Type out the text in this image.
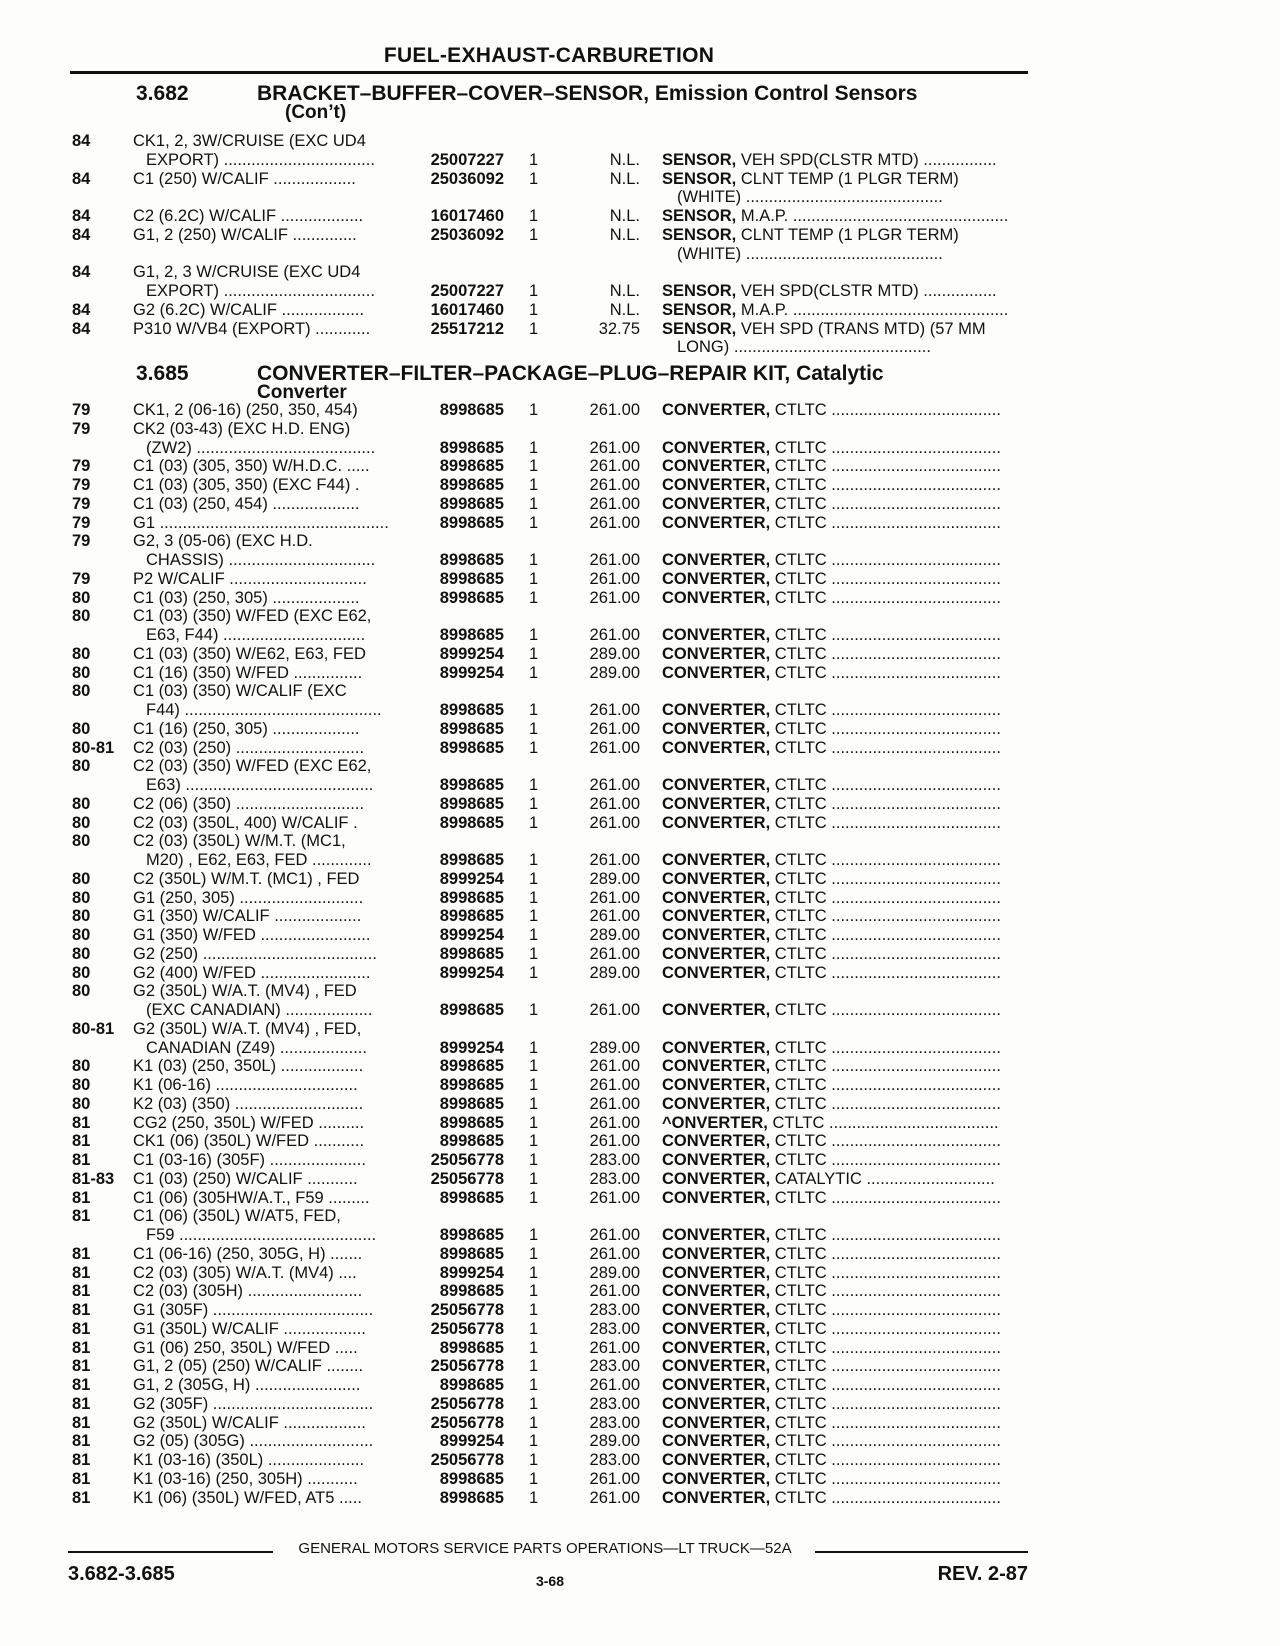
FUEL-EXHAUST-CARBURETION
3.682	BRACKET–BUFFER–COVER–SENSOR, Emission Control Sensors
(Con’t)
3.685	CONVERTER–FILTER–PACKAGE–PLUG–REPAIR KIT, Catalytic
Converter
84	CK1, 2, 3W/CRUISE (EXC UD4
EXPORT) .................................	25007227 1	N.L. SENSOR, VEH SPD(CLSTR MTD) ................
84	C1 (250) W/CALIF ..................	25036092 1	N.L. SENSOR, CLNT TEMP (1 PLGR TERM)
(WHITE) ...........................................
84	C2 (6.2C) W/CALIF ..................	16017460 1	N.L. SENSOR, M.A.P. ...............................................
84	G1, 2 (250) W/CALIF ..............	25036092 1	N.L. SENSOR, CLNT TEMP (1 PLGR TERM)
(WHITE) ...........................................
84	G1, 2, 3 W/CRUISE (EXC UD4
EXPORT) .................................	25007227 1	N.L. SENSOR, VEH SPD(CLSTR MTD) ................
84	G2 (6.2C) W/CALIF ..................	16017460 1	N.L. SENSOR, M.A.P. ...............................................
84	P310 W/VB4 (EXPORT) ............	25517212 1	32.75 SENSOR, VEH SPD (TRANS MTD) (57 MM
LONG) ...........................................
79	CK1, 2 (06-16) (250, 350, 454)	8998685 1	261.00 CONVERTER, CTLTC .....................................
79	CK2 (03-43) (EXC H.D. ENG)
(ZW2) .......................................	8998685 1	261.00 CONVERTER, CTLTC .....................................
79	C1 (03) (305, 350) W/H.D.C. .....	8998685 1	261.00 CONVERTER, CTLTC .....................................
79	C1 (03) (305, 350) (EXC F44) .	8998685 1	261.00 CONVERTER, CTLTC .....................................
79	C1 (03) (250, 454) ...................	8998685 1	261.00 CONVERTER, CTLTC .....................................
79	G1 ..................................................	8998685 1	261.00 CONVERTER, CTLTC .....................................
79	G2, 3 (05-06) (EXC H.D.
CHASSIS) ................................	8998685 1	261.00 CONVERTER, CTLTC .....................................
79	P2 W/CALIF ..............................	8998685 1	261.00 CONVERTER, CTLTC .....................................
80	C1 (03) (250, 305) ...................	8998685 1	261.00 CONVERTER, CTLTC .....................................
80	C1 (03) (350) W/FED (EXC E62,
E63, F44) ...............................	8998685 1	261.00 CONVERTER, CTLTC .....................................
80	C1 (03) (350) W/E62, E63, FED	8999254 1	289.00 CONVERTER, CTLTC .....................................
80	C1 (16) (350) W/FED ...............	8999254 1	289.00 CONVERTER, CTLTC .....................................
80	C1 (03) (350) W/CALIF (EXC
F44) ...........................................	8998685 1	261.00 CONVERTER, CTLTC .....................................
80	C1 (16) (250, 305) ...................	8998685 1	261.00 CONVERTER, CTLTC .....................................
80-81 C2 (03) (250) ............................	8998685 1	261.00 CONVERTER, CTLTC .....................................
80	C2 (03) (350) W/FED (EXC E62,
E63) .........................................	8998685 1	261.00 CONVERTER, CTLTC .....................................
80	C2 (06) (350) ............................	8998685 1	261.00 CONVERTER, CTLTC .....................................
80	C2 (03) (350L, 400) W/CALIF .	8998685 1	261.00 CONVERTER, CTLTC .....................................
80	C2 (03) (350L) W/M.T. (MC1,
M20) , E62, E63, FED .............	8998685 1	261.00 CONVERTER, CTLTC .....................................
80	C2 (350L) W/M.T. (MC1) , FED	8999254 1	289.00 CONVERTER, CTLTC .....................................
80	G1 (250, 305) ...........................	8998685 1	261.00 CONVERTER, CTLTC .....................................
80	G1 (350) W/CALIF ...................	8998685 1	261.00 CONVERTER, CTLTC .....................................
80	G1 (350) W/FED ........................	8999254 1	289.00 CONVERTER, CTLTC .....................................
80	G2 (250) ......................................	8998685 1	261.00 CONVERTER, CTLTC .....................................
80	G2 (400) W/FED ........................	8999254 1	289.00 CONVERTER, CTLTC .....................................
80	G2 (350L) W/A.T. (MV4) , FED
(EXC CANADIAN) ...................	8998685 1	261.00 CONVERTER, CTLTC .....................................
80-81 G2 (350L) W/A.T. (MV4) , FED,
CANADIAN (Z49) ...................	8999254 1	289.00 CONVERTER, CTLTC .....................................
80	K1 (03) (250, 350L) ..................	8998685 1	261.00 CONVERTER, CTLTC .....................................
80	K1 (06-16) ...............................	8998685 1	261.00 CONVERTER, CTLTC .....................................
80	K2 (03) (350) ............................	8998685 1	261.00 CONVERTER, CTLTC .....................................
81	CG2 (250, 350L) W/FED ..........	8998685 1	261.00 ^ONVERTER, CTLTC .....................................
81	CK1 (06) (350L) W/FED ...........	8998685 1	261.00 CONVERTER, CTLTC .....................................
81	C1 (03-16) (305F) .....................	25056778 1	283.00 CONVERTER, CTLTC .....................................
81-83 C1 (03) (250) W/CALIF ...........	25056778 1	283.00 CONVERTER, CATALYTIC ............................
81	C1 (06) (305HW/A.T., F59 .........	8998685 1	261.00 CONVERTER, CTLTC .....................................
81	C1 (06) (350L) W/AT5, FED,
F59 ...........................................	8998685 1	261.00 CONVERTER, CTLTC .....................................
81	C1 (06-16) (250, 305G, H) .......	8998685 1	261.00 CONVERTER, CTLTC .....................................
81	C2 (03) (305) W/A.T. (MV4) ....	8999254 1	289.00 CONVERTER, CTLTC .....................................
81	C2 (03) (305H) .........................	8998685 1	261.00 CONVERTER, CTLTC .....................................
81	G1 (305F) ...................................	25056778 1	283.00 CONVERTER, CTLTC .....................................
81	G1 (350L) W/CALIF ..................	25056778 1	283.00 CONVERTER, CTLTC .....................................
81	G1 (06) 250, 350L) W/FED .....	8998685 1	261.00 CONVERTER, CTLTC .....................................
81	G1, 2 (05) (250) W/CALIF ........	25056778 1	283.00 CONVERTER, CTLTC .....................................
81	G1, 2 (305G, H) .......................	8998685 1	261.00 CONVERTER, CTLTC .....................................
81	G2 (305F) ...................................	25056778 1	283.00 CONVERTER, CTLTC .....................................
81	G2 (350L) W/CALIF ..................	25056778 1	283.00 CONVERTER, CTLTC .....................................
81	G2 (05) (305G) ...........................	8999254 1	289.00 CONVERTER, CTLTC .....................................
81	K1 (03-16) (350L) .....................	25056778 1	283.00 CONVERTER, CTLTC .....................................
81	K1 (03-16) (250, 305H) ...........	8998685 1	261.00 CONVERTER, CTLTC .....................................
81	K1 (06) (350L) W/FED, AT5 .....	8998685 1	261.00 CONVERTER, CTLTC .....................................
GENERAL MOTORS SERVICE PARTS OPERATIONS—LT TRUCK—52A
3.682-3.685	3-68	REV. 2-87
